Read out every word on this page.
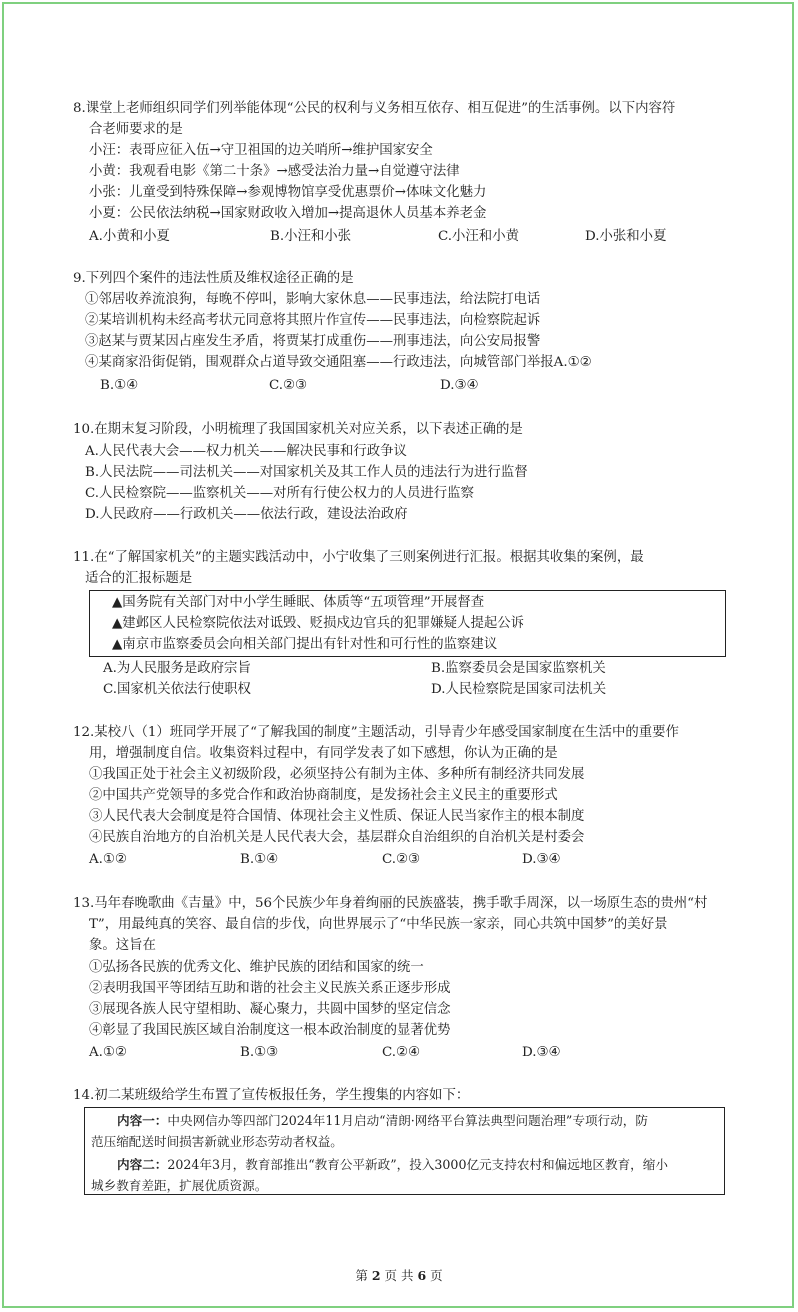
8.课堂上老师组织同学们列举能体现“公民的权利与义务相互依存、相互促进”的生活事例。以下内容符
合老师要求的是
小汪：表哥应征入伍→守卫祖国的边关哨所→维护国家安全
小黄：我观看电影《第二十条》→感受法治力量→自觉遵守法律
小张：儿童受到特殊保障→参观博物馆享受优惠票价→体味文化魅力
小夏：公民依法纳税→国家财政收入增加→提高退休人员基本养老金
A.小黄和小夏	B.小汪和小张	C.小汪和小黄	D.小张和小夏
9.下列四个案件的违法性质及维权途径正确的是
①邻居收养流浪狗，每晚不停叫，影响大家休息——民事违法，给法院打电话
②某培训机构未经高考状元同意将其照片作宣传——民事违法，向检察院起诉
③赵某与贾某因占座发生矛盾，将贾某打成重伤——刑事违法，向公安局报警
④某商家沿街促销，围观群众占道导致交通阻塞——行政违法，向城管部门举报A.①②
B.①④	C.②③	D.③④
10.在期末复习阶段，小明梳理了我国国家机关对应关系，以下表述正确的是
A.人民代表大会——权力机关——解决民事和行政争议
B.人民法院——司法机关——对国家机关及其工作人员的违法行为进行监督
C.人民检察院——监察机关——对所有行使公权力的人员进行监察
D.人民政府——行政机关——依法行政，建设法治政府
11.在“了解国家机关”的主题实践活动中，小宁收集了三则案例进行汇报。根据其收集的案例，最
适合的汇报标题是
▲国务院有关部门对中小学生睡眠、体质等“五项管理”开展督查
▲建邺区人民检察院依法对诋毁、贬损戍边官兵的犯罪嫌疑人提起公诉
▲南京市监察委员会向相关部门提出有针对性和可行性的监察建议
A.为人民服务是政府宗旨	B.监察委员会是国家监察机关
C.国家机关依法行使职权	D.人民检察院是国家司法机关
12.某校八（1）班同学开展了“了解我国的制度”主题活动，引导青少年感受国家制度在生活中的重要作
用，增强制度自信。收集资料过程中，有同学发表了如下感想，你认为正确的是
①我国正处于社会主义初级阶段，必须坚持公有制为主体、多种所有制经济共同发展
②中国共产党领导的多党合作和政治协商制度，是发扬社会主义民主的重要形式
③人民代表大会制度是符合国情、体现社会主义性质、保证人民当家作主的根本制度
④民族自治地方的自治机关是人民代表大会，基层群众自治组织的自治机关是村委会
A.①②	B.①④	C.②③	D.③④
13.马年春晚歌曲《吉量》中，56个民族少年身着绚丽的民族盛装，携手歌手周深，以一场原生态的贵州“村
T”，用最纯真的笑容、最自信的步伐，向世界展示了“中华民族一家亲，同心共筑中国梦”的美好景
象。这旨在
①弘扬各民族的优秀文化、维护民族的团结和国家的统一
②表明我国平等团结互助和谐的社会主义民族关系正逐步形成
③展现各族人民守望相助、凝心聚力，共圆中国梦的坚定信念
④彰显了我国民族区域自治制度这一根本政治制度的显著优势
A.①②	B.①③	C.②④	D.③④
14.初二某班级给学生布置了宣传板报任务，学生搜集的内容如下：
内容一：中央网信办等四部门2024年11月启动“清朗·网络平台算法典型问题治理”专项行动，防
范压缩配送时间损害新就业形态劳动者权益。
内容二：2024年3月，教育部推出“教育公平新政”，投入3000亿元支持农村和偏远地区教育，缩小
城乡教育差距，扩展优质资源。
第 2 页 共 6 页
